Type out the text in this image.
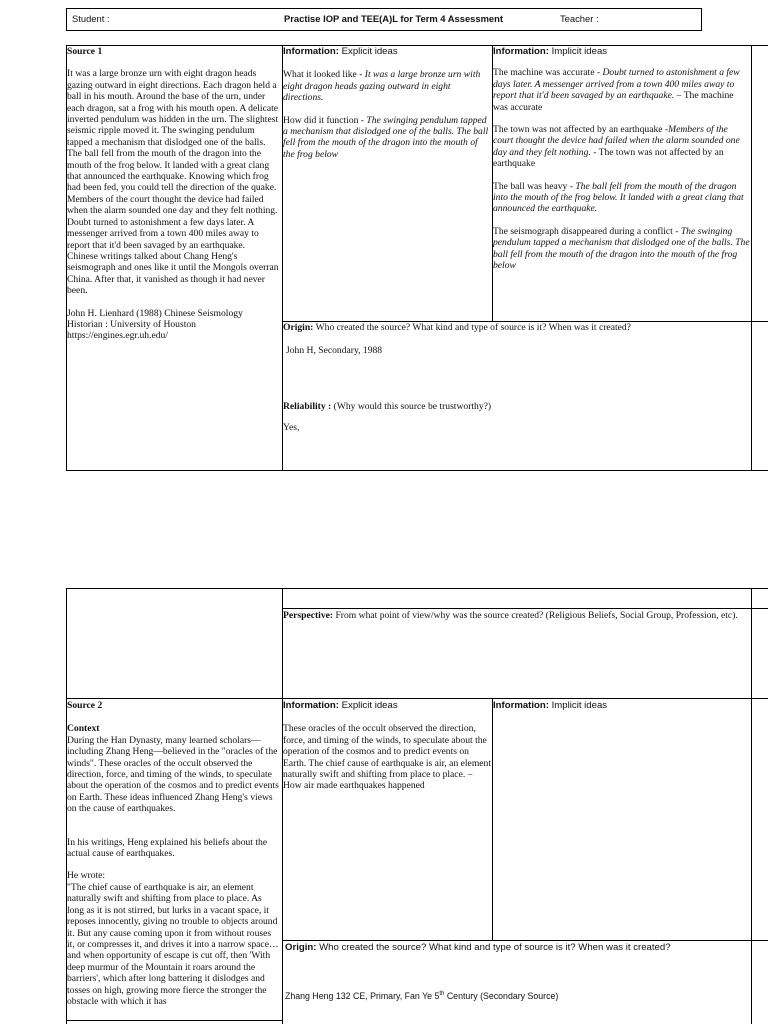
Student :	Practise IOP and TEE(A)L for Term 4 Assessment	Teacher :
Source 1
It was a large bronze urn with eight dragon heads gazing outward in eight directions. Each dragon held a ball in his mouth. Around the base of the urn, under each dragon, sat a frog with his mouth open. A delicate inverted pendulum was hidden in the urn. The slightest seismic ripple moved it. The swinging pendulum tapped a mechanism that dislodged one of the balls. The ball fell from the mouth of the dragon into the mouth of the frog below. It landed with a great clang that announced the earthquake. Knowing which frog had been fed, you could tell the direction of the quake.
Members of the court thought the device had failed when the alarm sounded one day and they felt nothing. Doubt turned to astonishment a few days later. A messenger arrived from a town 400 miles away to report that it'd been savaged by an earthquake.
Chinese writings talked about Chang Heng's seismograph and ones like it until the Mongols overran China. After that, it vanished as though it had never been.
John H. Lienhard (1988) Chinese Seismology
Historian : University of Houston
https://engines.egr.uh.edu/
Information: Explicit ideas
What it looked like - It was a large bronze urn with eight dragon heads gazing outward in eight directions.
How did it function - The swinging pendulum tapped a mechanism that dislodged one of the balls. The ball fell from the mouth of the dragon into the mouth of the frog below
Information: Implicit ideas
The machine was accurate - Doubt turned to astonishment a few days later. A messenger arrived from a town 400 miles away to report that it'd been savaged by an earthquake. – The machine was accurate
The town was not affected by an earthquake -Members of the court thought the device had failed when the alarm sounded one day and they felt nothing. - The town was not affected by an earthquake
The ball was heavy - The ball fell from the mouth of the dragon into the mouth of the frog below. It landed with a great clang that announced the earthquake.
The seismograph disappeared during a conflict - The swinging pendulum tapped a mechanism that dislodged one of the balls. The ball fell from the mouth of the dragon into the mouth of the frog below
Origin: Who created the source? What kind and type of source is it? When was it created?
John H, Secondary, 1988
Reliability : (Why would this source be trustworthy?)
Yes,
Perspective: From what point of view/why was the source created? (Religious Beliefs, Social Group, Profession, etc).
Source 2
Context
During the Han Dynasty, many learned scholars—including Zhang Heng—believed in the "oracles of the winds". These oracles of the occult observed the direction, force, and timing of the winds, to speculate about the operation of the cosmos and to predict events on Earth. These ideas influenced Zhang Heng's views on the cause of earthquakes.
In his writings, Heng explained his beliefs about the actual cause of earthquakes.
He wrote:
"The chief cause of earthquake is air, an element naturally swift and shifting from place to place. As long as it is not stirred, but lurks in a vacant space, it reposes innocently, giving no trouble to objects around it. But any cause coming upon it from without rouses it, or compresses it, and drives it into a narrow space… and when opportunity of escape is cut off, then 'With deep murmur of the Mountain it roars around the barriers', which after long battering it dislodges and tosses on high, growing more fierce the stronger the obstacle with which it has
Information: Explicit ideas
These oracles of the occult observed the direction, force, and timing of the winds, to speculate about the operation of the cosmos and to predict events on Earth. The chief cause of earthquake is air, an element naturally swift and shifting from place to place. – How air made earthquakes happened
Information: Implicit ideas
Origin: Who created the source? What kind and type of source is it? When was it created?
Zhang Heng 132 CE, Primary, Fan Ye 5th Century (Secondary Source)
